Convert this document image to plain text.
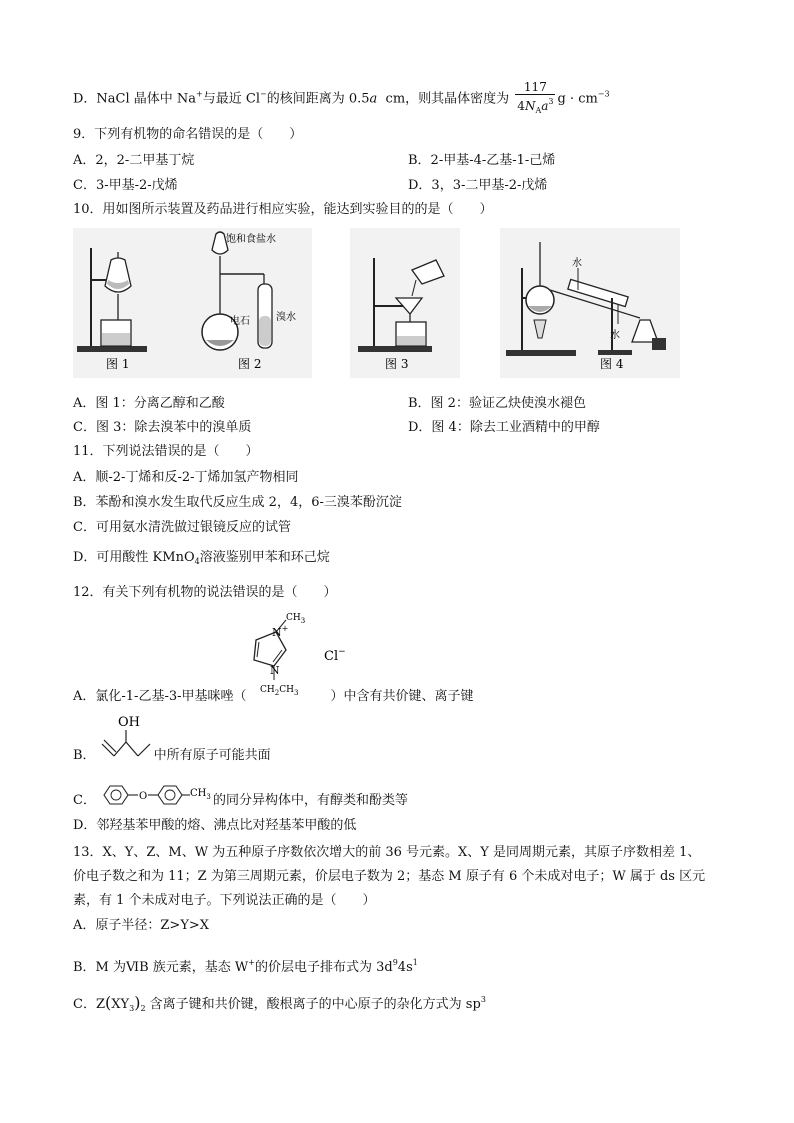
D．NaCl 晶体中 Na+与最近 Cl−的核间距离为 0.5a cm，则其晶体密度为 $\frac{117}{4N_Aa^3}$ $g \cdot cm^{-3}$
9．下列有机物的命名错误的是（　　）
A．2，2-二甲基丁烷	B．2-甲基-4-乙基-1-己烯
C．3-甲基-2-戊烯	D．3，3-二甲基-2-戊烯
10．用如图所示装置及药品进行相应实验，能达到实验目的的是（　　）
图 1
饱和食盐水
电石	溴水
图 2	图 3
水
水
图 4
A．图 1：分离乙醇和乙酸	B．图 2：验证乙炔使溴水褪色
C．图 3：除去溴苯中的溴单质	D．图 4：除去工业酒精中的甲醇
11．下列说法错误的是（　　）
A．顺-2-丁烯和反-2-丁烯加氢产物相同
B．苯酚和溴水发生取代反应生成 2，4，6-三溴苯酚沉淀
C．可用氨水清洗做过银镜反应的试管
D．可用酸性 KMnO$_4$溶液鉴别甲苯和环己烷
12．有关下列有机物的说法错误的是（　　）
N+
$CH_3$
N
$CH_2CH_3$
Cl−
A．氯化-1-乙基-3-甲基咪唑（	）中含有共价键、离子键
OH
B．	中所有原子可能共面
O	$CH_3$
C．	的同分异构体中，有醇类和酚类等
D．邻羟基苯甲酸的熔、沸点比对羟基苯甲酸的低
13．X、Y、Z、M、W 为五种原子序数依次增大的前 36 号元素。X、Y 是同周期元素，其原子序数相差 1、
价电子数之和为 11；Z 为第三周期元素，价层电子数为 2；基态 M 原子有 6 个未成对电子；W 属于 ds 区元
素，有 1 个未成对电子。下列说法正确的是（　　）
A．原子半径：Z>Y>X
B．M 为ⅥB 族元素，基态 W+的价层电子排布式为 $3d^94s^1$
C．$Z(XY_3)_2$ 含离子键和共价键，酸根离子的中心原子的杂化方式为 $sp^3$
